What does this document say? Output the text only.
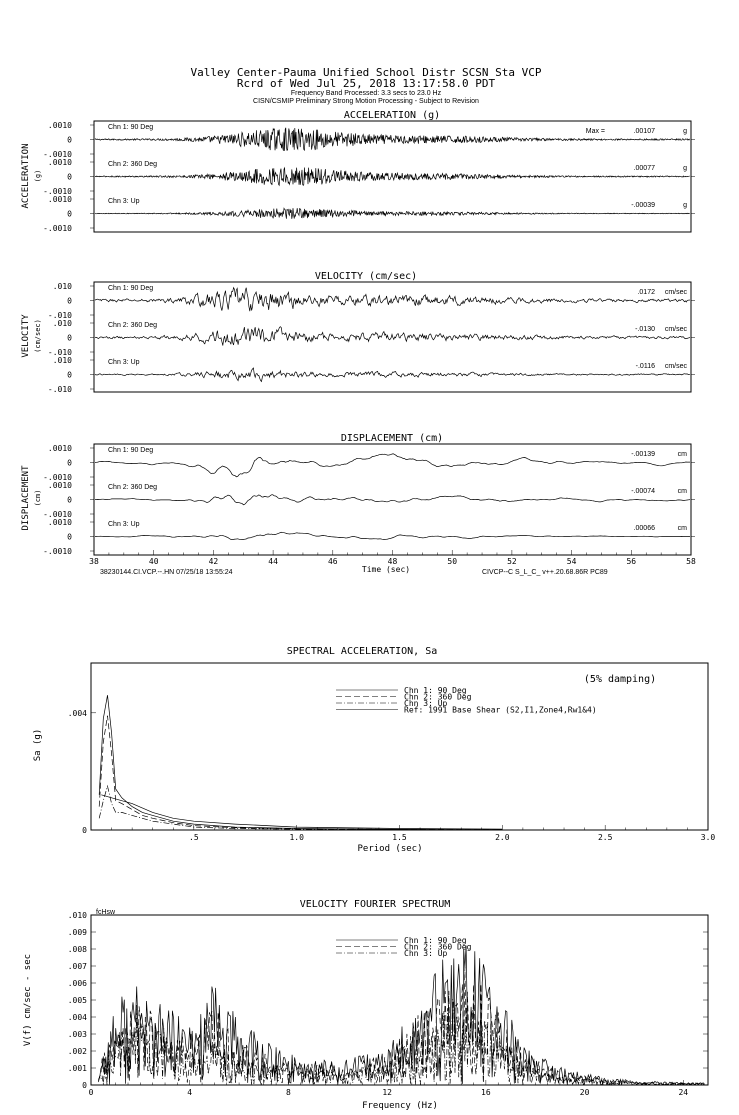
Valley Center-Pauma Unified School Distr SCSN Sta VCP
Rcrd of Wed Jul 25, 2018 13:17:58.0 PDT
Frequency Band Processed: 3.3 secs to 23.0 Hz
CISN/CSMIP Preliminary Strong Motion Processing - Subject to Revision
ACCELERATION (g)
ACCELERATION (g)
.0010
0
-.0010
Chn 1: 90 Deg
g
.00107
Max =
.0010
0
-.0010
Chn 2: 360 Deg
g
.00077
.0010
0
-.0010
Chn 3: Up
g
-.00039
VELOCITY (cm/sec)
VELOCITY (cm/sec)
.010
0
-.010
Chn 1: 90 Deg
cm/sec
.0172
.010
0
-.010
Chn 2: 360 Deg
cm/sec
-.0130
.010
0
-.010
Chn 3: Up
cm/sec
-.0116
DISPLACEMENT (cm)
DISPLACEMENT (cm)
.0010
0
-.0010
Chn 1: 90 Deg
cm
-.00139
.0010
0
-.0010
Chn 2: 360 Deg
cm
-.00074
.0010
0
-.0010
Chn 3: Up
cm
.00066
38	40	42	44	46	48	50	52	54	56	58
Time (sec)
38230144.CI.VCP.--.HN 07/25/18 13:55:24	CIVCP--C S_L_C_ v++.20.68.86R PC89
SPECTRAL ACCELERATION, Sa
(5% damping)
Sa (g)
Period (sec)
.5	1.0	1.5	2.0	2.5	3.0
.004
0
Chn 1: 90 Deg
Chn 2: 360 Deg
Chn 3: Up
Ref: 1991 Base Shear (S2,I1,Zone4,Rw1&4)
VELOCITY FOURIER SPECTRUM
fcHsw
V(f) cm/sec - sec
Frequency (Hz)
0	4	8	12	16	20	24
.010
.009
.008
.007
.006
.005
.004
.003
.002
.001
0
Chn 1: 90 Deg
Chn 2: 360 Deg
Chn 3: Up
